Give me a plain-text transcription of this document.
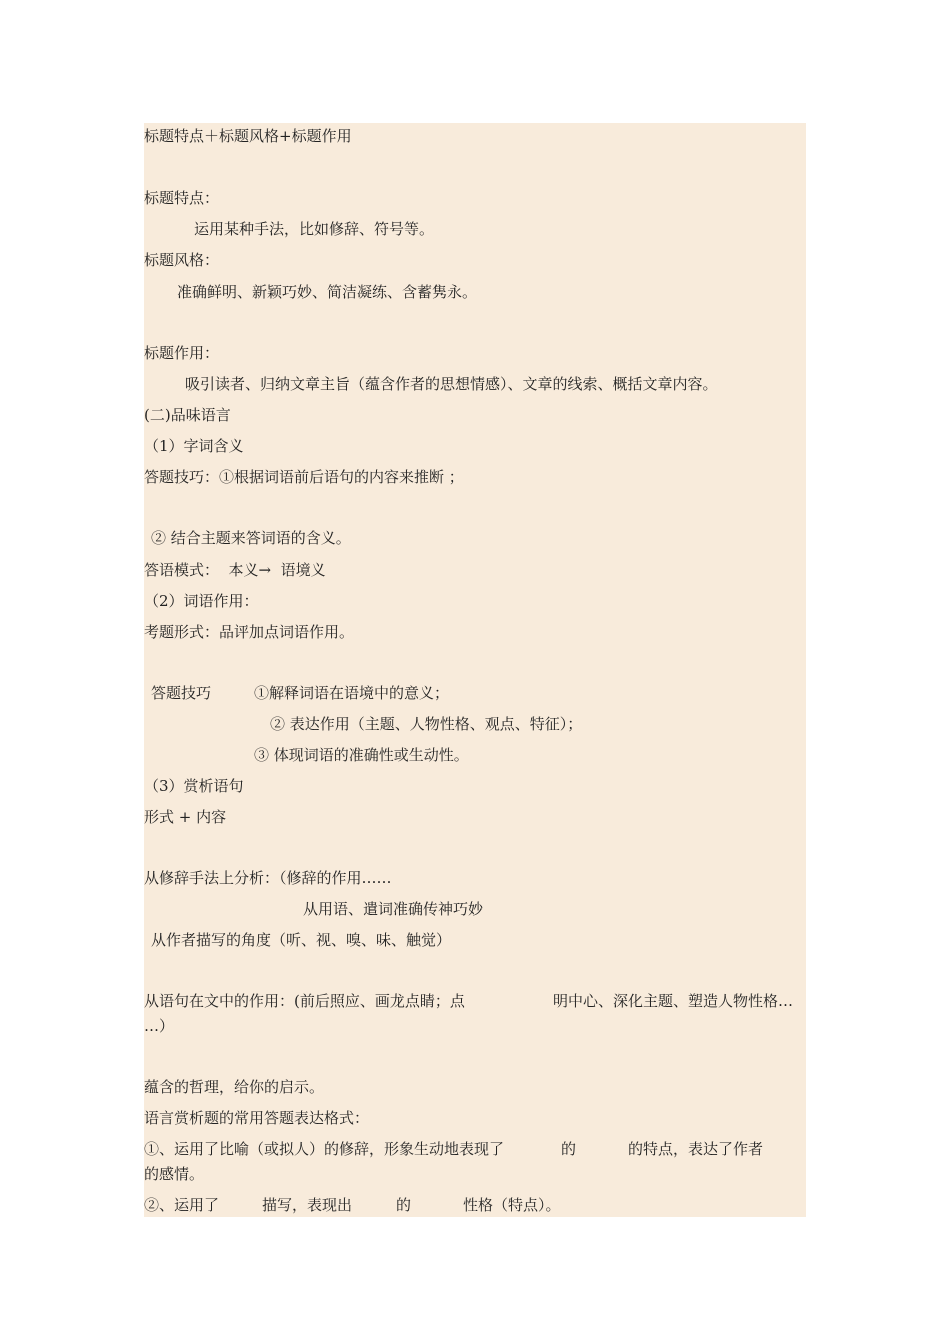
标题特点＋标题风格+标题作用
标题特点：
运用某种手法，比如修辞、符号等。
标题风格：
准确鲜明、新颖巧妙、简洁凝练、含蓄隽永。
标题作用：
吸引读者、归纳文章主旨（蕴含作者的思想情感）、文章的线索、概括文章内容。
(二)品味语言
（1）字词含义
答题技巧：①根据词语前后语句的内容来推断 ；
② 结合主题来答词语的含义。
答语模式：  本义→  语境义
（2）词语作用：
考题形式：品评加点词语作用。
答题技巧	①解释词语在语境中的意义；
② 表达作用（主题、人物性格、观点、特征）；
③ 体现词语的准确性或生动性。
（3）赏析语句
形式 + 内容
从修辞手法上分析：（修辞的作用……
从用语、遣词准确传神巧妙
从作者描写的角度（听、视、嗅、味、触觉）
从语句在文中的作用：(前后照应、画龙点睛；点	明中心、深化主题、塑造人物性格…
…）
蕴含的哲理，给你的启示。
语言赏析题的常用答题表达格式：
①、运用了比喻（或拟人）的修辞，形象生动地表现了	的	的特点，表达了作者
的感情。
②、运用了	描写，表现出	的	性格（特点）。
